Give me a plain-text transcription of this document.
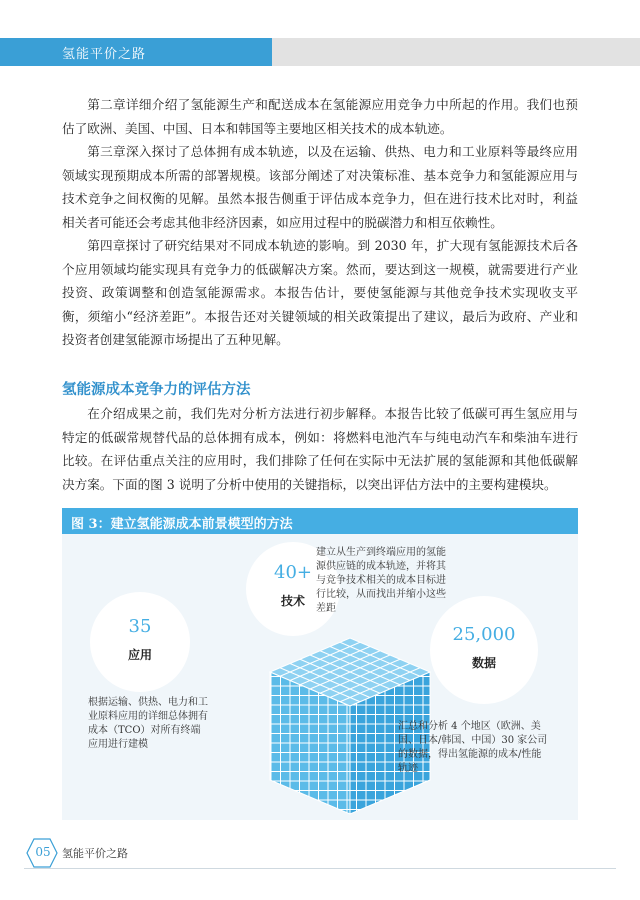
氢能平价之路

第二章详细介绍了氢能源生产和配送成本在氢能源应用竞争力中所起的作用。我们也预估了欧洲、美国、中国、日本和韩国等主要地区相关技术的成本轨迹。

第三章深入探讨了总体拥有成本轨迹，以及在运输、供热、电力和工业原料等最终应用领域实现预期成本所需的部署规模。该部分阐述了对决策标准、基本竞争力和氢能源应用与技术竞争之间权衡的见解。虽然本报告侧重于评估成本竞争力，但在进行技术比对时，利益相关者可能还会考虑其他非经济因素，如应用过程中的脱碳潜力和相互依赖性。

第四章探讨了研究结果对不同成本轨迹的影响。到 2030 年，扩大现有氢能源技术后各个应用领域均能实现具有竞争力的低碳解决方案。然而，要达到这一规模，就需要进行产业投资、政策调整和创造氢能源需求。本报告估计，要使氢能源与其他竞争技术实现收支平衡，须缩小“经济差距”。本报告还对关键领域的相关政策提出了建议，最后为政府、产业和投资者创建氢能源市场提出了五种见解。

氢能源成本竞争力的评估方法

在介绍成果之前，我们先对分析方法进行初步解释。本报告比较了低碳可再生氢应用与特定的低碳常规替代品的总体拥有成本，例如：将燃料电池汽车与纯电动汽车和柴油车进行比较。在评估重点关注的应用时，我们排除了任何在实际中无法扩展的氢能源和其他低碳解决方案。下面的图 3 说明了分析中使用的关键指标，以突出评估方法中的主要构建模块。

图 3：建立氢能源成本前景模型的方法
40+
技术

建立从生产到终端应用的氢能源供应链的成本轨迹，并将其与竞争技术相关的成本目标进行比较，从而找出并缩小这些差距

35
应用

根据运输、供热、电力和工业原料应用的详细总体拥有成本（TCO）对所有终端应用进行建模

25,000
数据

汇总和分析 4 个地区（欧洲、美国、日本/韩国、中国）30 家公司的数据，得出氢能源的成本/性能轨迹

05	氢能平价之路
